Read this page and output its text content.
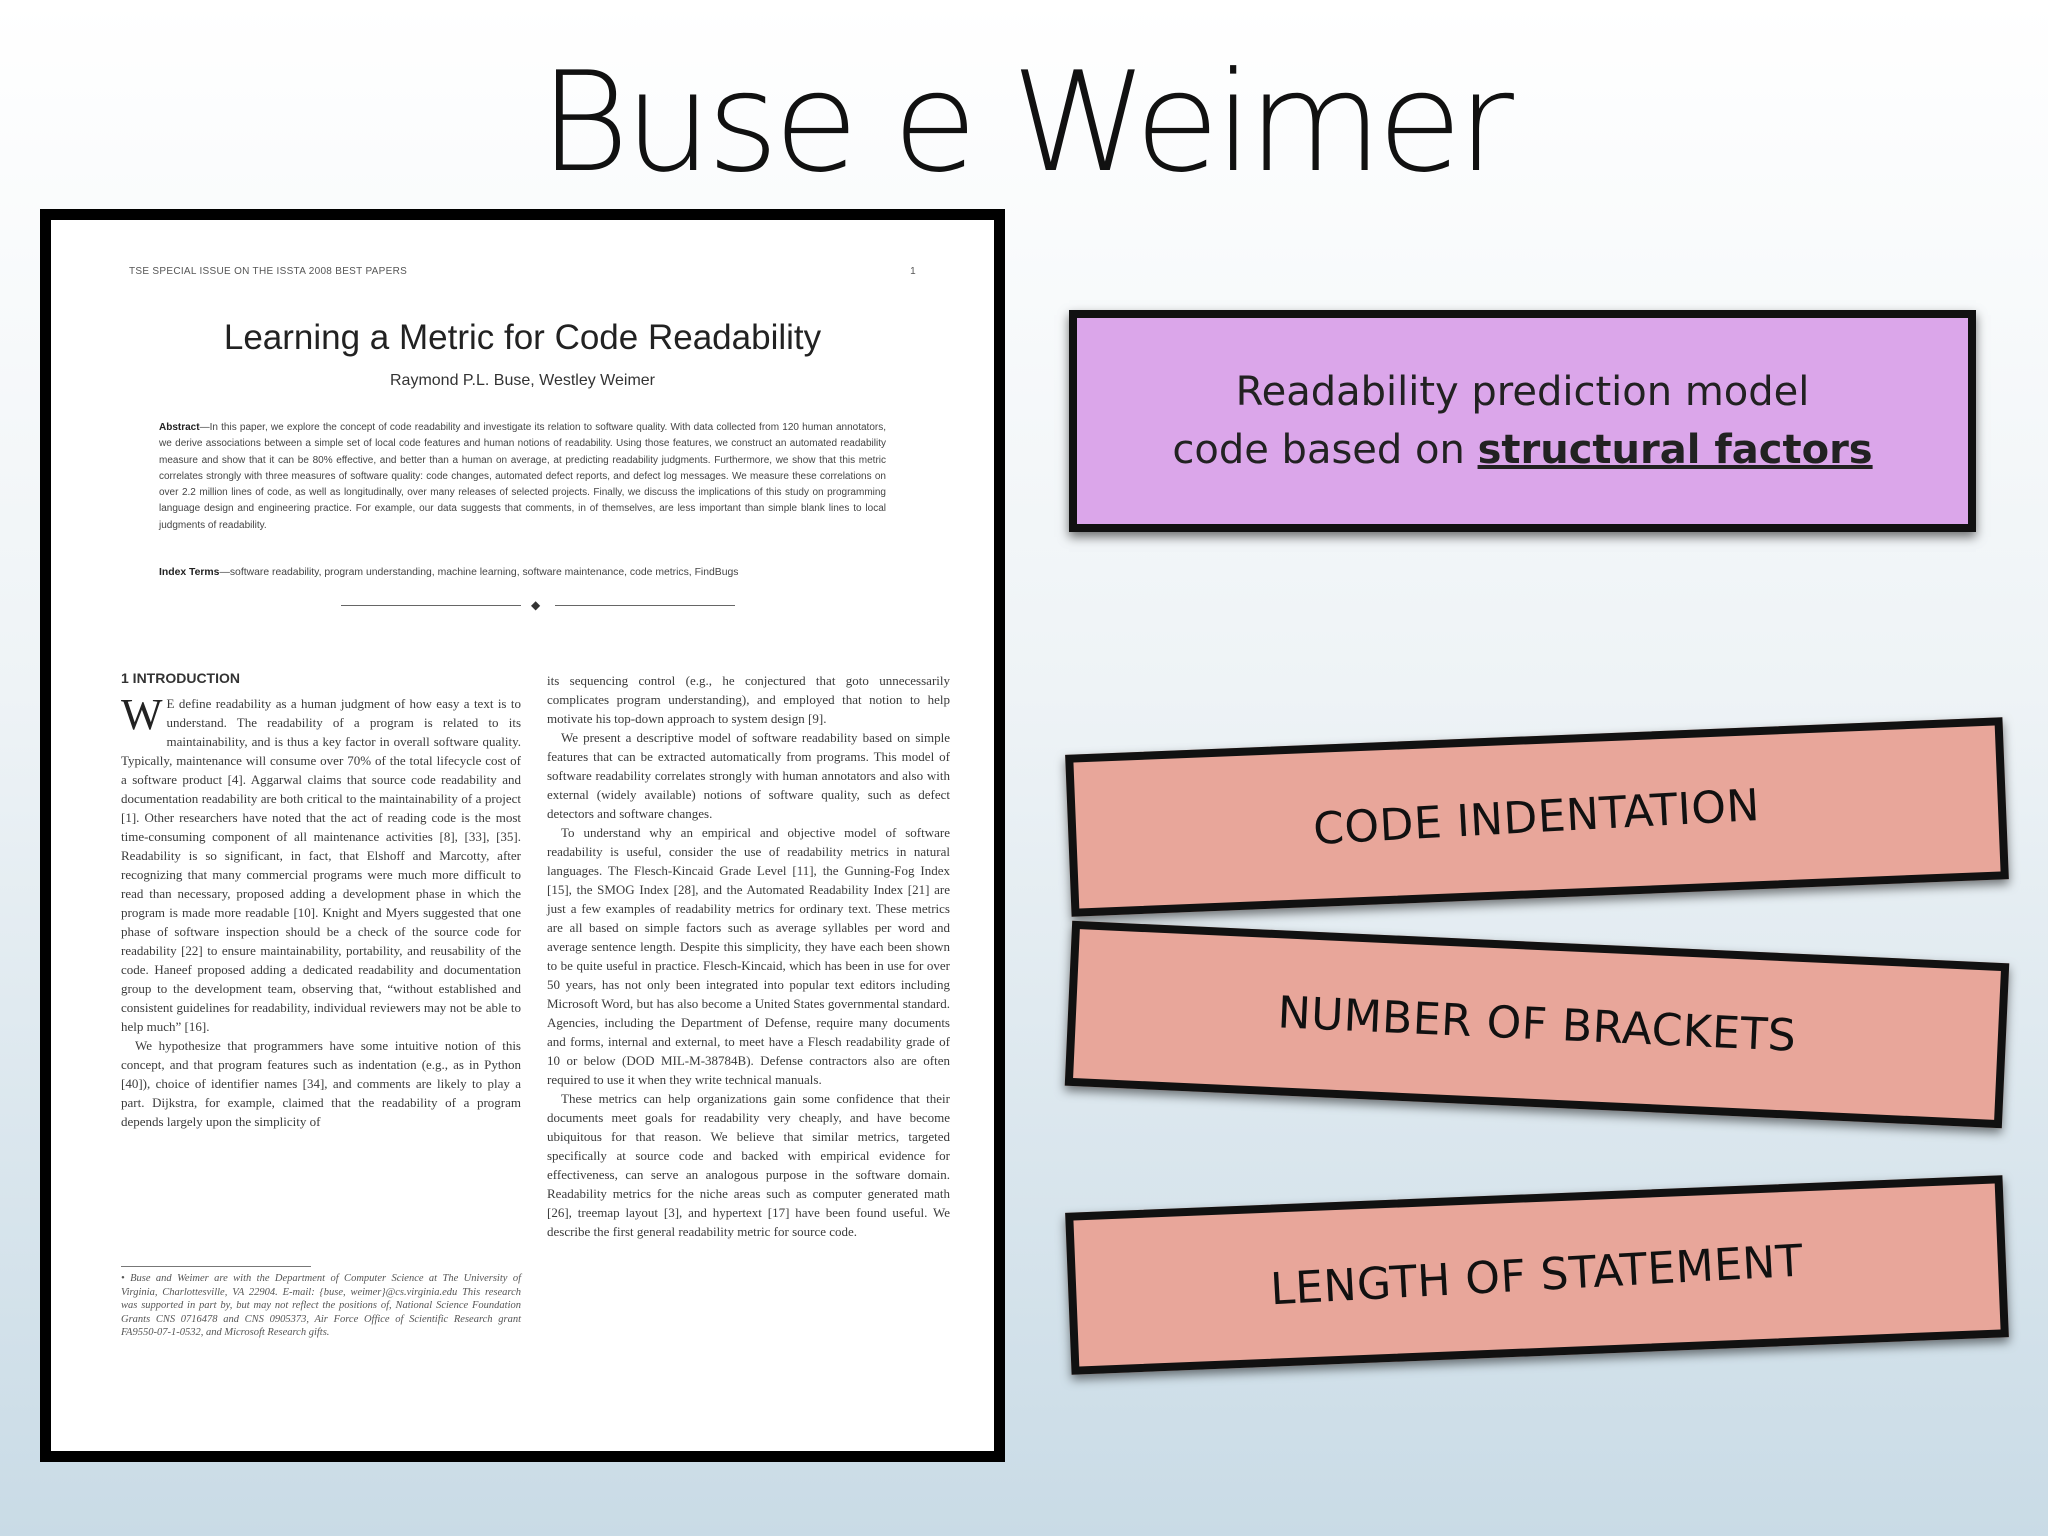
Buse e Weimer
TSE SPECIAL ISSUE ON THE ISSTA 2008 BEST PAPERS	1
Learning a Metric for Code Readability
Raymond P.L. Buse, Westley Weimer
Abstract—In this paper, we explore the concept of code readability and investigate its relation to software quality. With data collected from 120 human annotators, we derive associations between a simple set of local code features and human notions of readability. Using those features, we construct an automated readability measure and show that it can be 80% effective, and better than a human on average, at predicting readability judgments. Furthermore, we show that this metric correlates strongly with three measures of software quality: code changes, automated defect reports, and defect log messages. We measure these correlations on over 2.2 million lines of code, as well as longitudinally, over many releases of selected projects. Finally, we discuss the implications of this study on programming language design and engineering practice. For example, our data suggests that comments, in of themselves, are less important than simple blank lines to local judgments of readability.
Index Terms—software readability, program understanding, machine learning, software maintenance, code metrics, FindBugs
◆
1 INTRODUCTION

W E define readability as a human judgment of how easy a text is to understand. The readability of a program is related to its maintainability, and is thus a key factor in overall software quality. Typically, maintenance will consume over 70% of the total lifecycle cost of a software product [4]. Aggarwal claims that source code readability and documentation readability are both critical to the maintainability of a project [1]. Other researchers have noted that the act of reading code is the most time-consuming component of all maintenance activities [8], [33], [35]. Readability is so significant, in fact, that Elshoff and Marcotty, after recognizing that many commercial programs were much more difficult to read than necessary, proposed adding a development phase in which the program is made more readable [10]. Knight and Myers suggested that one phase of software inspection should be a check of the source code for readability [22] to ensure maintainability, portability, and reusability of the code. Haneef proposed adding a dedicated readability and documentation group to the development team, observing that, “without established and consistent guidelines for readability, individual reviewers may not be able to help much” [16].

We hypothesize that programmers have some intuitive notion of this concept, and that program features such as indentation (e.g., as in Python [40]), choice of identifier names [34], and comments are likely to play a part. Dijkstra, for example, claimed that the readability of a program depends largely upon the simplicity of

• Buse and Weimer are with the Department of Computer Science at The University of Virginia, Charlottesville, VA 22904. E-mail: {buse, weimer}@cs.virginia.edu This research was supported in part by, but may not reflect the positions of, National Science Foundation Grants CNS 0716478 and CNS 0905373, Air Force Office of Scientific Research grant FA9550-07-1-0532, and Microsoft Research gifts.

its sequencing control (e.g., he conjectured that goto unnecessarily complicates program understanding), and employed that notion to help motivate his top-down approach to system design [9].

We present a descriptive model of software readability based on simple features that can be extracted automatically from programs. This model of software readability correlates strongly with human annotators and also with external (widely available) notions of software quality, such as defect detectors and software changes.

To understand why an empirical and objective model of software readability is useful, consider the use of readability metrics in natural languages. The Flesch-Kincaid Grade Level [11], the Gunning-Fog Index [15], the SMOG Index [28], and the Automated Readability Index [21] are just a few examples of readability metrics for ordinary text. These metrics are all based on simple factors such as average syllables per word and average sentence length. Despite this simplicity, they have each been shown to be quite useful in practice. Flesch-Kincaid, which has been in use for over 50 years, has not only been integrated into popular text editors including Microsoft Word, but has also become a United States governmental standard. Agencies, including the Department of Defense, require many documents and forms, internal and external, to meet have a Flesch readability grade of 10 or below (DOD MIL-M-38784B). Defense contractors also are often required to use it when they write technical manuals.

These metrics can help organizations gain some confidence that their documents meet goals for readability very cheaply, and have become ubiquitous for that reason. We believe that similar metrics, targeted specifically at source code and backed with empirical evidence for effectiveness, can serve an analogous purpose in the software domain. Readability metrics for the niche areas such as computer generated math [26], treemap layout [3], and hypertext [17] have been found useful. We describe the first general readability metric for source code.

Readability prediction model
code based on structural factors
CODE INDENTATION
NUMBER OF BRACKETS
LENGTH OF STATEMENT
